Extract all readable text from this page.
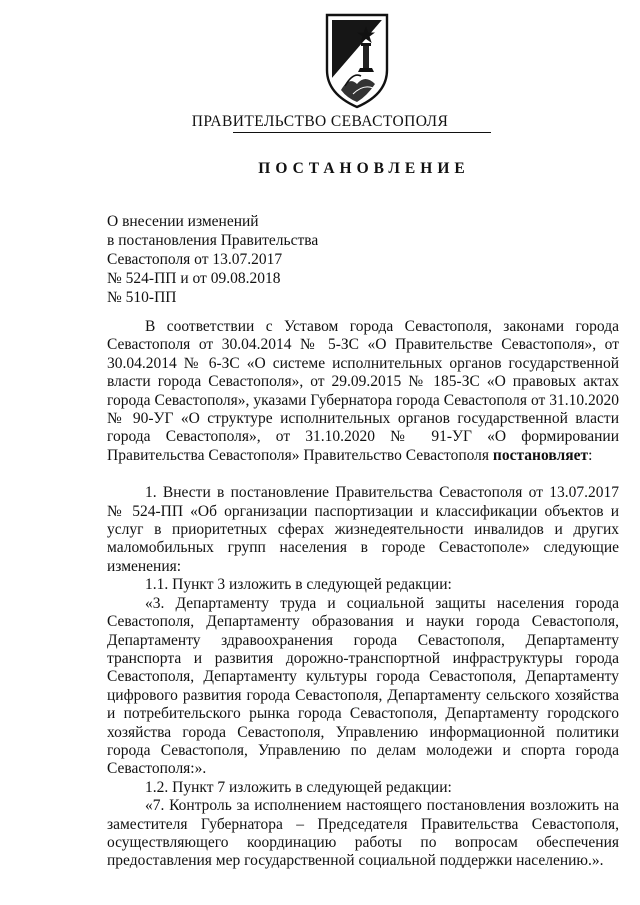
ПРАВИТЕЛЬСТВО СЕВАСТОПОЛЯ
ПОСТАНОВЛЕНИЕ
О внесении изменений
в постановления Правительства
Севастополя от 13.07.2017
№ 524-ПП и от 09.08.2018
№ 510-ПП

В соответствии с Уставом города Севастополя, законами города Севастополя от 30.04.2014 № 5-ЗС «О Правительстве Севастополя», от 30.04.2014 № 6-ЗС «О системе исполнительных органов государственной власти города Севастополя», от 29.09.2015 № 185-ЗС «О правовых актах города Севастополя», указами Губернатора города Севастополя от 31.10.2020 № 90-УГ «О структуре исполнительных органов государственной власти города Севастополя», от 31.10.2020 № 91-УГ «О формировании Правительства Севастополя» Правительство Севастополя постановляет:

1. Внести в постановление Правительства Севастополя от 13.07.2017 № 524-ПП «Об организации паспортизации и классификации объектов и услуг в приоритетных сферах жизнедеятельности инвалидов и других маломобильных групп населения в городе Севастополе» следующие изменения:

1.1. Пункт 3 изложить в следующей редакции:

«3. Департаменту труда и социальной защиты населения города Севастополя, Департаменту образования и науки города Севастополя, Департаменту здравоохранения города Севастополя, Департаменту транспорта и развития дорожно-транспортной инфраструктуры города Севастополя, Департаменту культуры города Севастополя, Департаменту цифрового развития города Севастополя, Департаменту сельского хозяйства и потребительского рынка города Севастополя, Департаменту городского хозяйства города Севастополя, Управлению информационной политики города Севастополя, Управлению по делам молодежи и спорта города Севастополя:».

1.2. Пункт 7 изложить в следующей редакции:

«7. Контроль за исполнением настоящего постановления возложить на заместителя Губернатора – Председателя Правительства Севастополя, осуществляющего координацию работы по вопросам обеспечения предоставления мер государственной социальной поддержки населению.».
